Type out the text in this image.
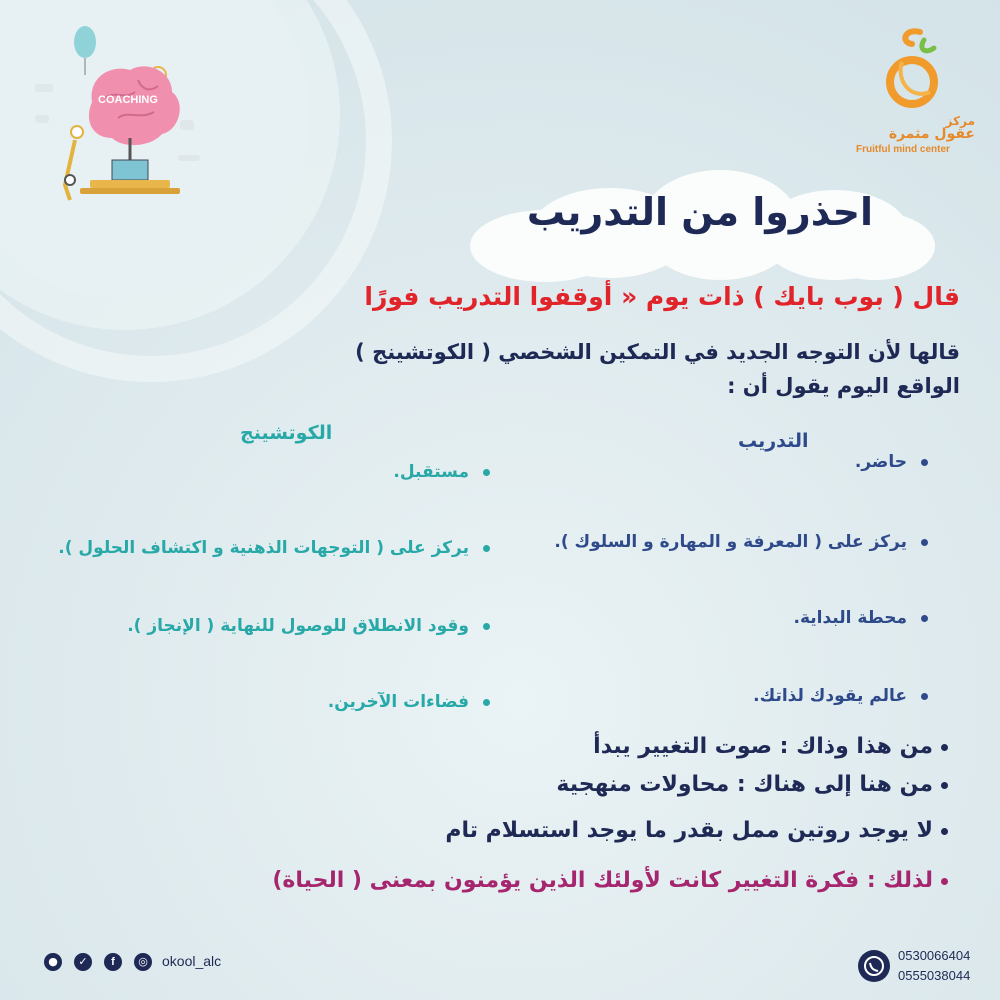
COACHING
مركز
عقول مثمرة
Fruitful mind center
احذروا من التدريب
قال ( بوب بايك ) ذات يوم « أوقفوا التدريب فورًا
قالها لأن التوجه الجديد في التمكين الشخصي ( الكوتشينج )
الواقع اليوم يقول أن :
الكوتشينج	التدريب
حاضر.
يركز على ( المعرفة و المهارة و السلوك ).
محطة البداية.
عالم يقودك لذاتك.
مستقبل.
يركز على ( التوجهات الذهنية و اكتشاف الحلول ).
وقود الانطلاق للوصول للنهاية ( الإنجاز ).
فضاءات الآخرين.
من هذا وذاك : صوت التغيير يبدأ
من هنا إلى هناك : محاولات منهجية
لا يوجد روتين ممل بقدر ما يوجد استسلام تام
لذلك : فكرة التغيير كانت لأولئك الذين يؤمنون بمعنى ( الحياة)
●	✓	f	◎	okool_alc	0530066404
0555038044
